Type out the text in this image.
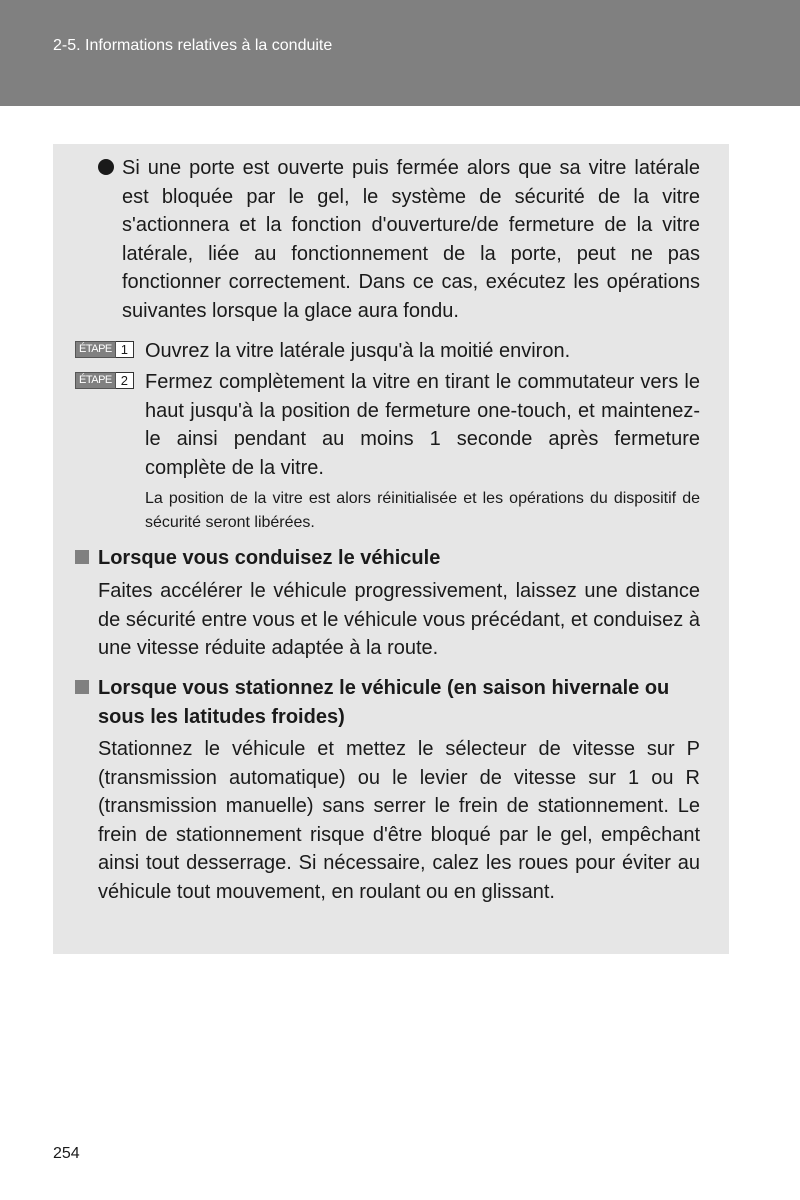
2-5. Informations relatives à la conduite
Si une porte est ouverte puis fermée alors que sa vitre latérale est bloquée par le gel, le système de sécurité de la vitre s'actionnera et la fonction d'ouverture/de fermeture de la vitre latérale, liée au fonctionnement de la porte, peut ne pas fonctionner correctement. Dans ce cas, exécutez les opérations suivantes lorsque la glace aura fondu.
ÉTAPE 1 Ouvrez la vitre latérale jusqu'à la moitié environ.
ÉTAPE 2 Fermez complètement la vitre en tirant le commutateur vers le haut jusqu'à la position de fermeture one-touch, et maintenez-le ainsi pendant au moins 1 seconde après fermeture complète de la vitre.
La position de la vitre est alors réinitialisée et les opérations du dispositif de sécurité seront libérées.
Lorsque vous conduisez le véhicule
Faites accélérer le véhicule progressivement, laissez une distance de sécurité entre vous et le véhicule vous précédant, et conduisez à une vitesse réduite adaptée à la route.
Lorsque vous stationnez le véhicule (en saison hivernale ou sous les latitudes froides)
Stationnez le véhicule et mettez le sélecteur de vitesse sur P (transmission automatique) ou le levier de vitesse sur 1 ou R (transmission manuelle) sans serrer le frein de stationnement. Le frein de stationnement risque d'être bloqué par le gel, empêchant ainsi tout desserrage. Si nécessaire, calez les roues pour éviter au véhicule tout mouvement, en roulant ou en glissant.
254
